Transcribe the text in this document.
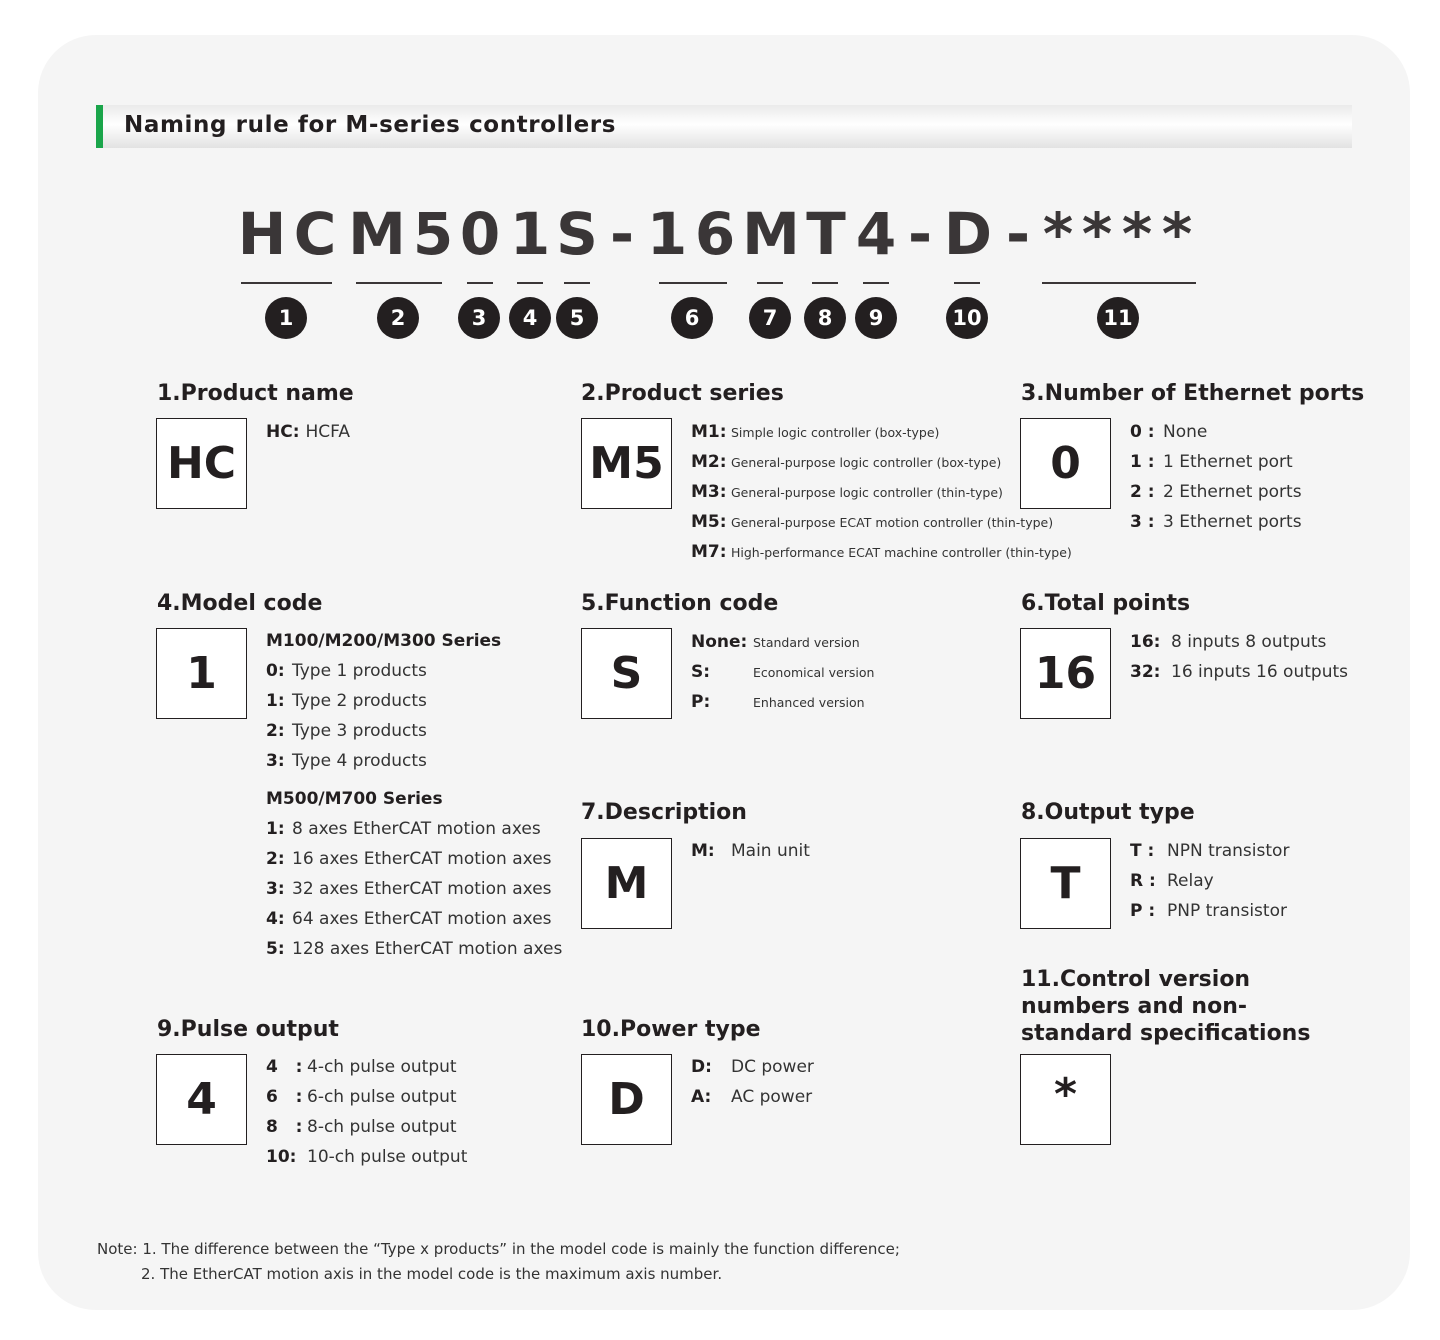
Naming rule for M-series controllers
H C M 5 0 1 S - 1 6 M T 4 - D - * * * *
1	2	3	4	5	6	7	8	9	10	11
1.Product name
HC
HC: HCFA
2.Product series
M5
M1: Simple logic controller (box-type)
M2: General-purpose logic controller (box-type)
M3: General-purpose logic controller (thin-type)
M5: General-purpose ECAT motion controller (thin-type)
M7: High-performance ECAT machine controller (thin-type)
3.Number of Ethernet ports
0
0 : None
1 : 1 Ethernet port
2 : 2 Ethernet ports
3 : 3 Ethernet ports
4.Model code
1
M100/M200/M300 Series
0: Type 1 products
1: Type 2 products
2: Type 3 products
3: Type 4 products
M500/M700 Series
1: 8 axes EtherCAT motion axes
2: 16 axes EtherCAT motion axes
3: 32 axes EtherCAT motion axes
4: 64 axes EtherCAT motion axes
5: 128 axes EtherCAT motion axes
5.Function code
S
None: Standard version
S:	Economical version
P:	Enhanced version
6.Total points
16
16: 8 inputs 8 outputs
32: 16 inputs 16 outputs
7.Description
M
M: Main unit
8.Output type
T
T : NPN transistor
R : Relay
P : PNP transistor
9.Pulse output
4
4   : 4-ch pulse output
6   : 6-ch pulse output
8   : 8-ch pulse output
10: 10-ch pulse output
10.Power type
D
D: DC power
A: AC power
11.Control version numbers and non-standard specifications
*
Note: 1. The difference between the “Type x products” in the model code is mainly the function difference;
2. The EtherCAT motion axis in the model code is the maximum axis number.
